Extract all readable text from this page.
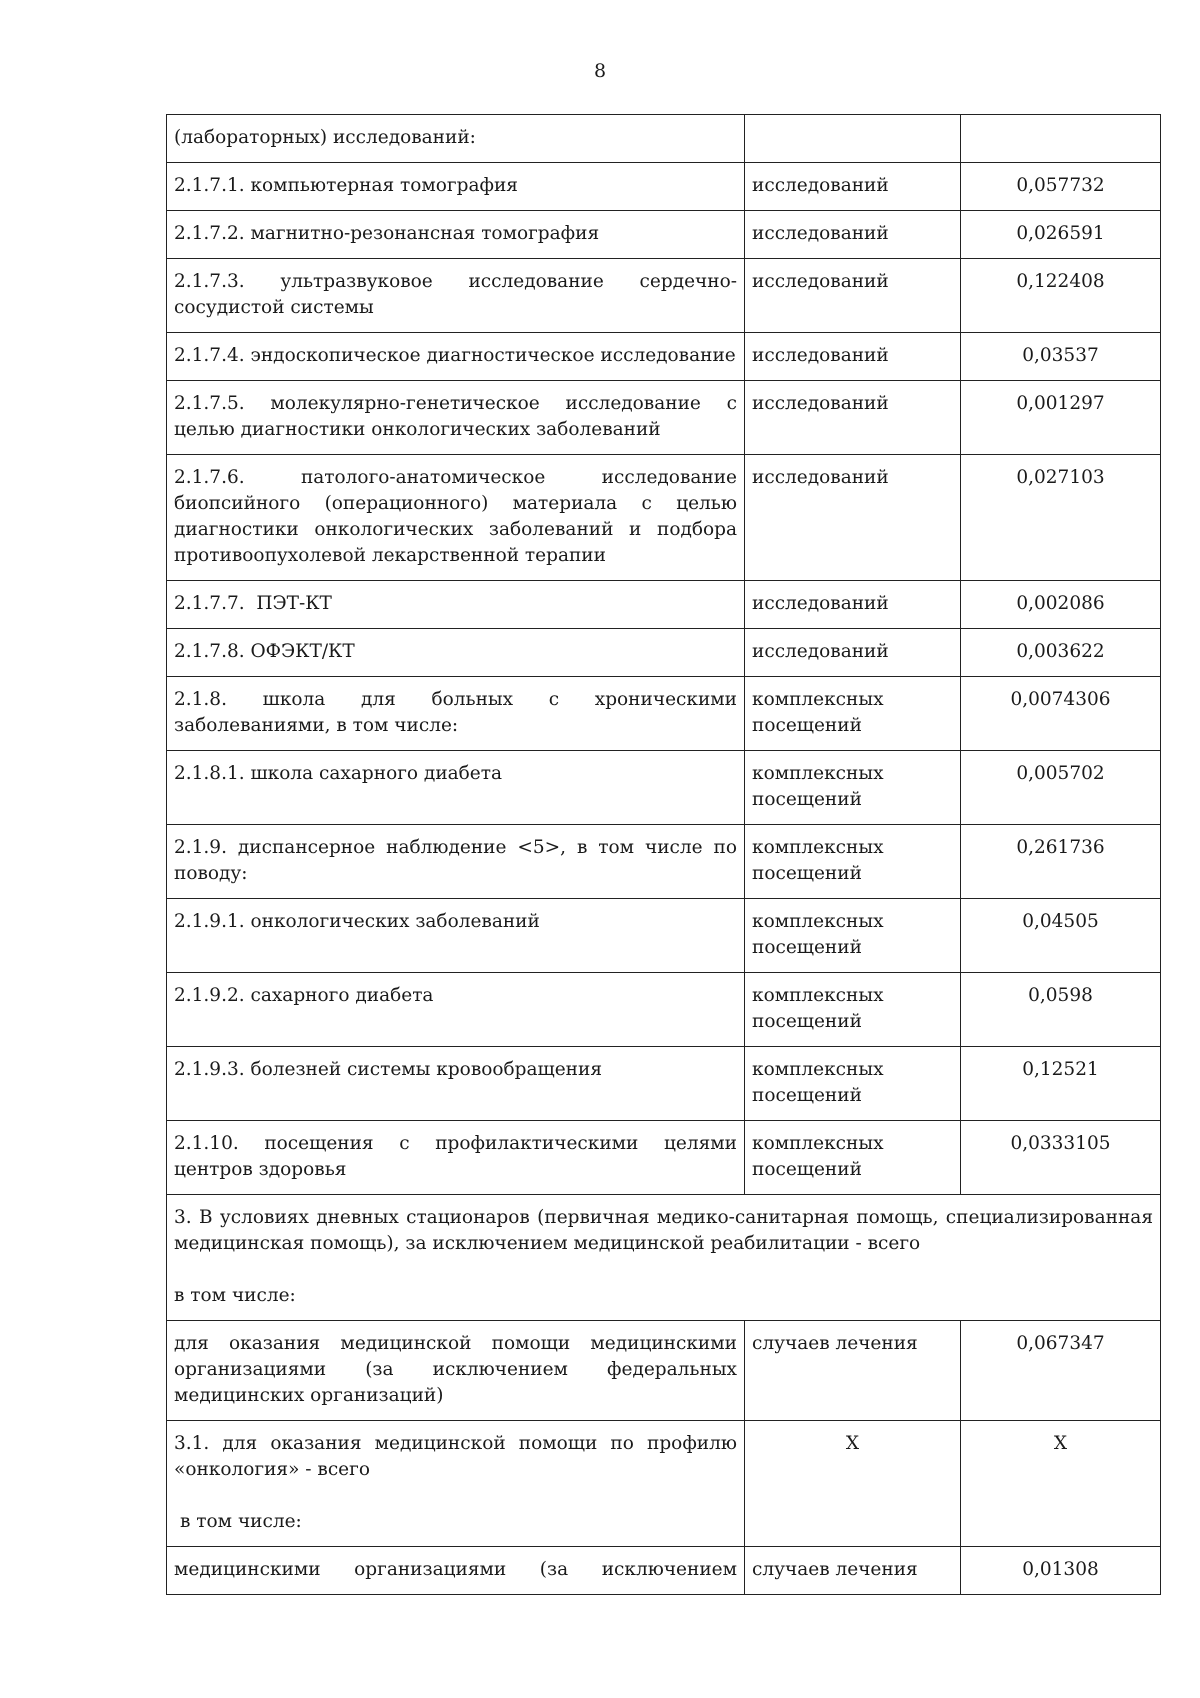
8
(лабораторных) исследований:		
2.1.7.1. компьютерная томография	исследований	0,057732
2.1.7.2. магнитно-резонансная томография	исследований	0,026591
2.1.7.3. ультразвуковое исследование сердечно-сосудистой системы	исследований	0,122408
2.1.7.4. эндоскопическое диагностическое исследование	исследований	0,03537
2.1.7.5. молекулярно-генетическое исследование с целью диагностики онкологических заболеваний	исследований	0,001297
2.1.7.6. патолого-анатомическое исследование биопсийного (операционного) материала с целью диагностики онкологических заболеваний и подбора противоопухолевой лекарственной терапии	исследований	0,027103
2.1.7.7.  ПЭТ-КТ	исследований	0,002086
2.1.7.8. ОФЭКТ/КТ	исследований	0,003622
2.1.8. школа для больных с хроническими заболеваниями, в том числе:	комплексных посещений	0,0074306
2.1.8.1. школа сахарного диабета	комплексных посещений	0,005702
2.1.9. диспансерное наблюдение <5>, в том числе по поводу:	комплексных посещений	0,261736
2.1.9.1. онкологических заболеваний	комплексных посещений	0,04505
2.1.9.2. сахарного диабета	комплексных посещений	0,0598
2.1.9.3. болезней системы кровообращения	комплексных посещений	0,12521
2.1.10. посещения с профилактическими целями центров здоровья	комплексных посещений	0,0333105
3. В условиях дневных стационаров (первичная медико-санитарная помощь, специализированная медицинская помощь), за исключением медицинской реабилитации - всего
в том числе:		
для оказания медицинской помощи медицинскими организациями (за исключением федеральных медицинских организаций)	случаев лечения	0,067347
3.1. для оказания медицинской помощи по профилю «онкология» - всего
в том числе:	Х	Х
медицинскими организациями (за исключением	случаев лечения	0,01308
